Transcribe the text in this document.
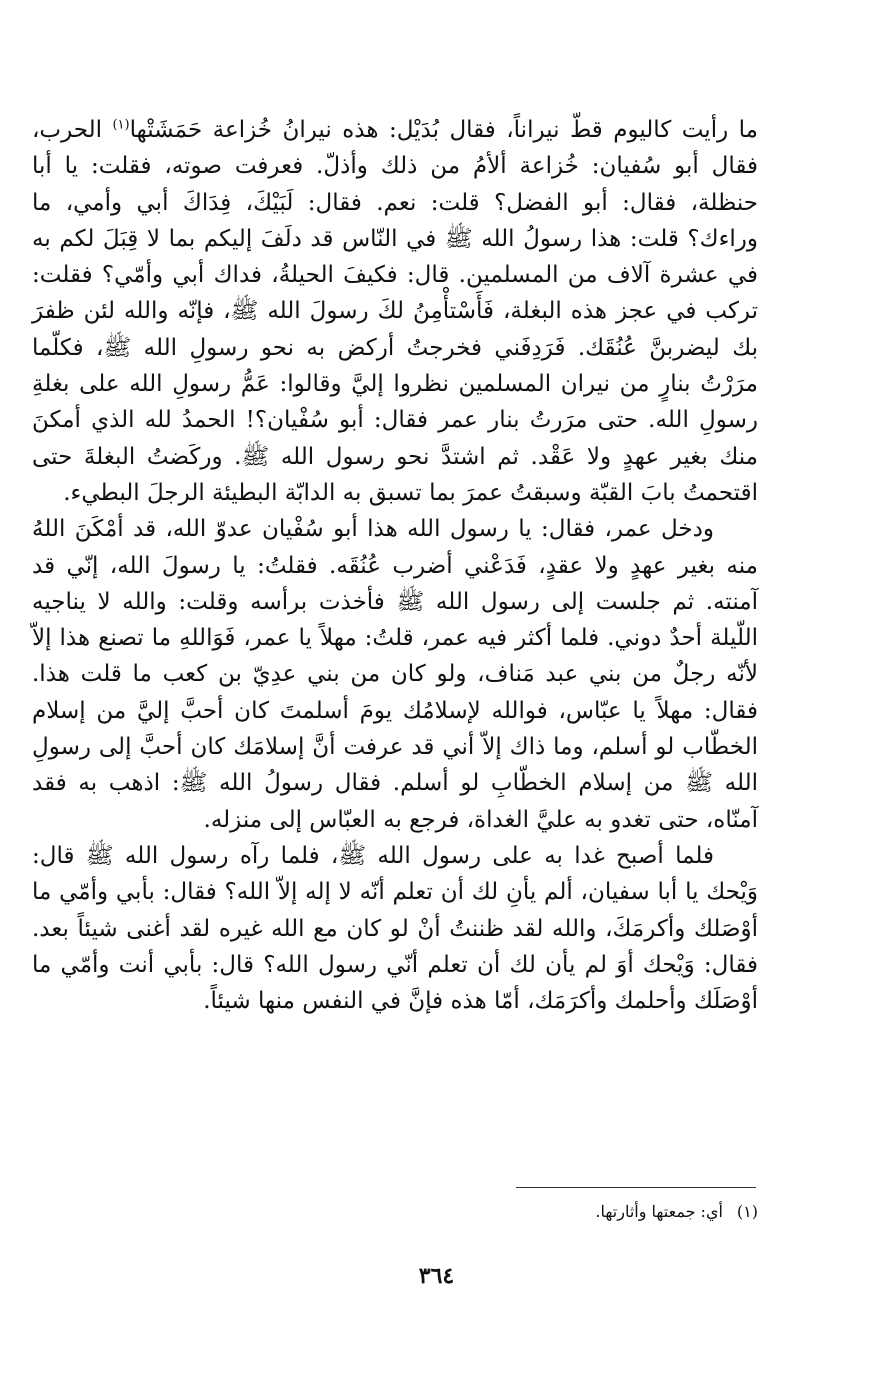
ما رأيت كاليوم قطّ نيراناً، فقال بُدَيْل: هذه نيرانُ خُزاعة حَمَشَتْها$^{(١)}$ الحرب، فقال أبو سُفيان: خُزاعة ألأمُ من ذلك وأذلّ. فعرفت صوته، فقلت: يا أبا حنظلة، فقال: أبو الفضل؟ قلت: نعم. فقال: لَبَيْكَ، فِدَاكَ أبي وأمي، ما وراءك؟ قلت: هذا رسولُ الله ﷺ في النّاس قد دلَفَ إليكم بما لا قِبَلَ لكم به في عشرة آلاف من المسلمين. قال: فكيفَ الحيلةُ، فداك أبي وأمّي؟ فقلت: تركب في عجز هذه البغلة، فَأَسْتأْمِنُ لكَ رسولَ الله ﷺ، فإنّه والله لئن ظفرَ بك ليضربنَّ عُنُقَك. فَرَدِفَني فخرجتُ أركض به نحو رسولِ الله ﷺ، فكلّما مرَرْتُ بنارٍ من نيران المسلمين نظروا إليَّ وقالوا: عَمُّ رسولِ الله على بغلةِ رسولِ الله. حتى مرَرتُ بنار عمر فقال: أبو سُفْيان؟! الحمدُ لله الذي أمكنَ منك بغير عهدٍ ولا عَقْد. ثم اشتدَّ نحو رسول الله ﷺ. وركَضتُ البغلةَ حتى اقتحمتُ بابَ القبّة وسبقتُ عمرَ بما تسبق به الدابّة البطيئة الرجلَ البطيء.

ودخل عمر، فقال: يا رسول الله هذا أبو سُفْيان عدوّ الله، قد أمْكَنَ اللهُ منه بغير عهدٍ ولا عقدٍ، فَدَعْني أضرب عُنُقَه. فقلتُ: يا رسولَ الله، إنّي قد آمنته. ثم جلست إلى رسول الله ﷺ فأخذت برأسه وقلت: والله لا يناجيه اللّيلة أحدٌ دوني. فلما أكثر فيه عمر، قلتُ: مهلاً يا عمر، فَوَاللهِ ما تصنع هذا إلاّ لأنّه رجلٌ من بني عبد مَناف، ولو كان من بني عدِيّ بن كعب ما قلت هذا. فقال: مهلاً يا عبّاس، فوالله لإسلامُك يومَ أسلمتَ كان أحبَّ إليَّ من إسلام الخطّاب لو أسلم، وما ذاك إلاّ أني قد عرفت أنَّ إسلامَك كان أحبَّ إلى رسولِ الله ﷺ من إسلام الخطّابِ لو أسلم. فقال رسولُ الله ﷺ: اذهب به فقد آمنّاه، حتى تغدو به عليَّ الغداة، فرجع به العبّاس إلى منزله.

فلما أصبح غدا به على رسول الله ﷺ، فلما رآه رسول الله ﷺ قال: وَيْحك يا أبا سفيان، ألم يأنِ لك أن تعلم أنّه لا إله إلاّ الله؟ فقال: بأبي وأمّي ما أوْصَلك وأكرمَكَ، والله لقد ظننتُ أنْ لو كان مع الله غيره لقد أغنى شيئاً بعد. فقال: وَيْحك أوَ لم يأن لك أن تعلم أنّي رسول الله؟ قال: بأبي أنت وأمّي ما أوْصَلَك وأحلمك وأكرَمَك، أمّا هذه فإنَّ في النفس منها شيئاً.

(١)أي: جمعتها وأثارتها.
٣٦٤
